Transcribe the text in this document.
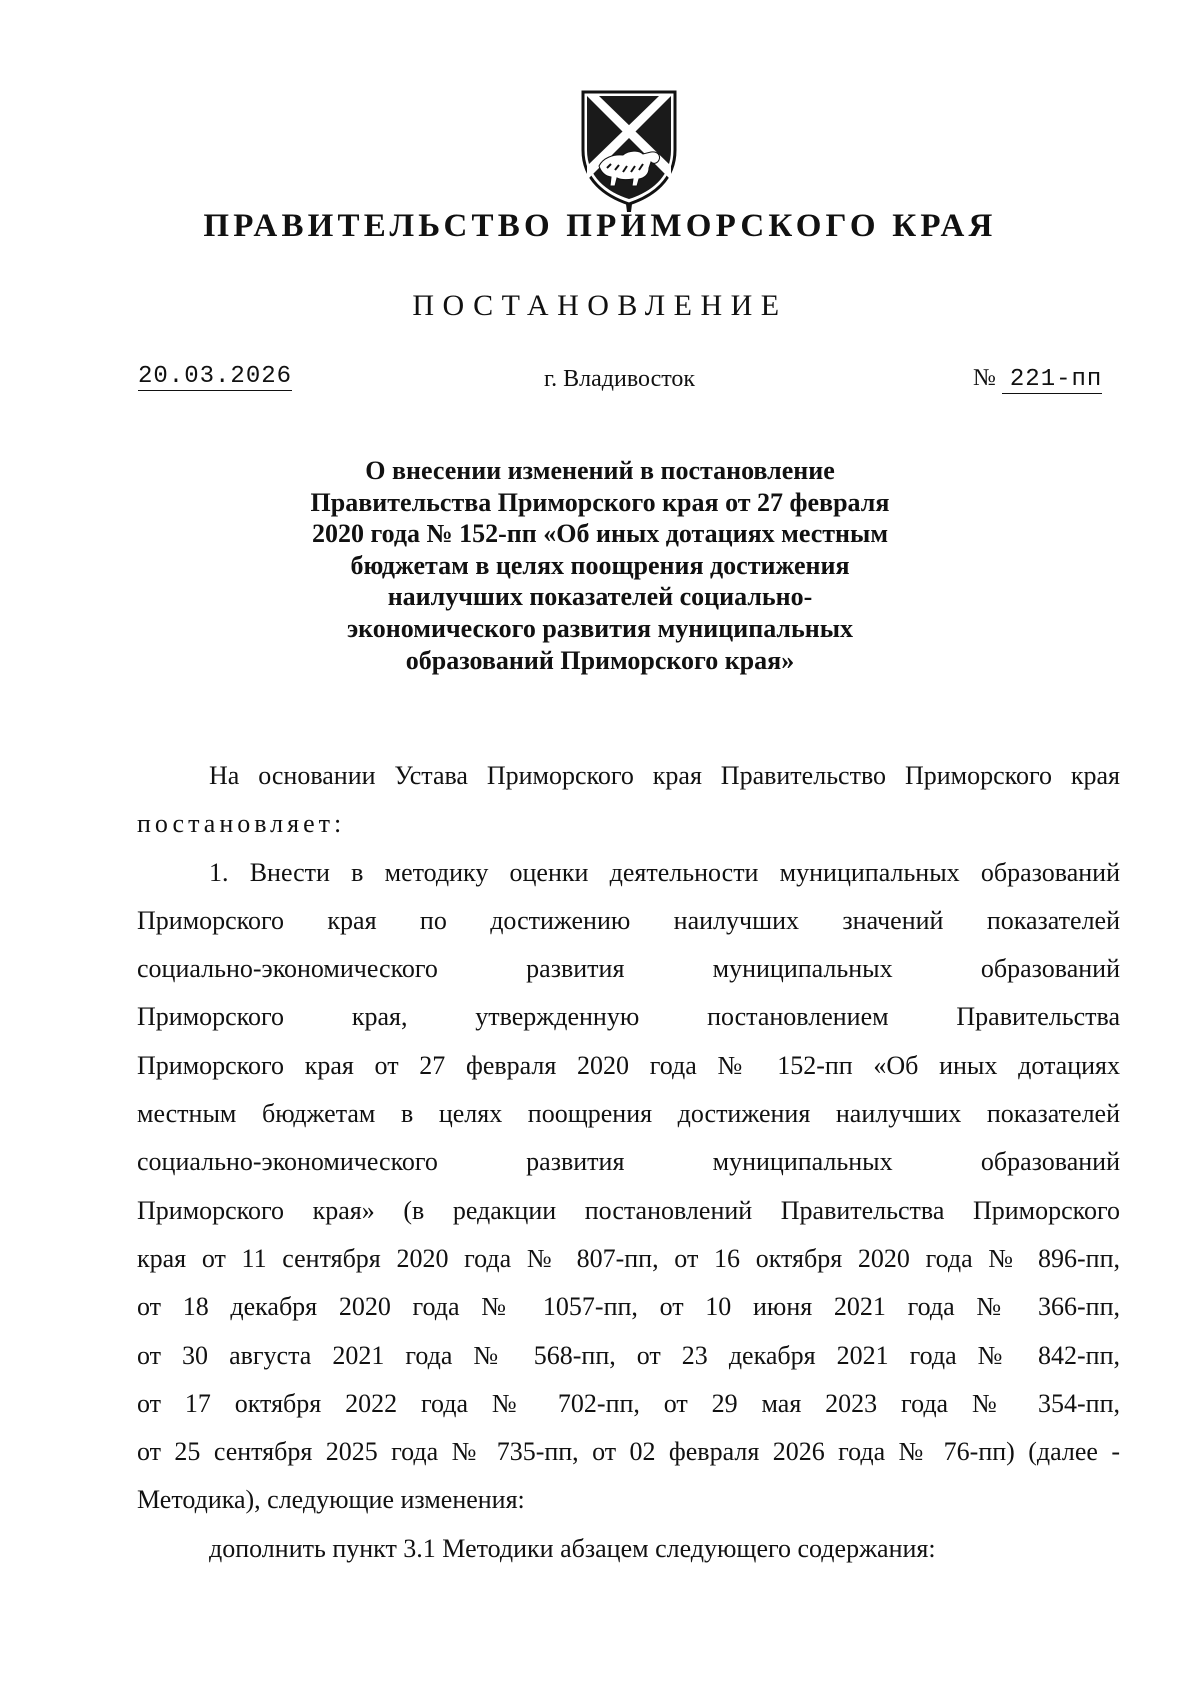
ПРАВИТЕЛЬСТВО ПРИМОРСКОГО КРАЯ
ПОСТАНОВЛЕНИЕ
20.03.2026	г. Владивосток	№ 221-пп
О внесении изменений в постановление
Правительства Приморского края от 27 февраля
2020 года № 152-пп «Об иных дотациях местным
бюджетам в целях поощрения достижения
наилучших показателей социально-
экономического развития муниципальных
образований Приморского края»
На основании Устава Приморского края Правительство Приморского края
постановляет:
1. Внести в методику оценки деятельности муниципальных образований
Приморского края по достижению наилучших значений показателей
социально-экономического развития муниципальных образований
Приморского края, утвержденную постановлением Правительства
Приморского края от 27 февраля 2020 года № 152-пп «Об иных дотациях
местным бюджетам в целях поощрения достижения наилучших показателей
социально-экономического развития муниципальных образований
Приморского края» (в редакции постановлений Правительства Приморского
края от 11 сентября 2020 года № 807-пп, от 16 октября 2020 года № 896-пп,
от 18 декабря 2020 года № 1057-пп, от 10 июня 2021 года № 366-пп,
от 30 августа 2021 года № 568-пп, от 23 декабря 2021 года № 842-пп,
от 17 октября 2022 года № 702-пп, от 29 мая 2023 года № 354-пп,
от 25 сентября 2025 года № 735-пп, от 02 февраля 2026 года № 76-пп) (далее -
Методика), следующие изменения:
дополнить пункт 3.1 Методики абзацем следующего содержания:
